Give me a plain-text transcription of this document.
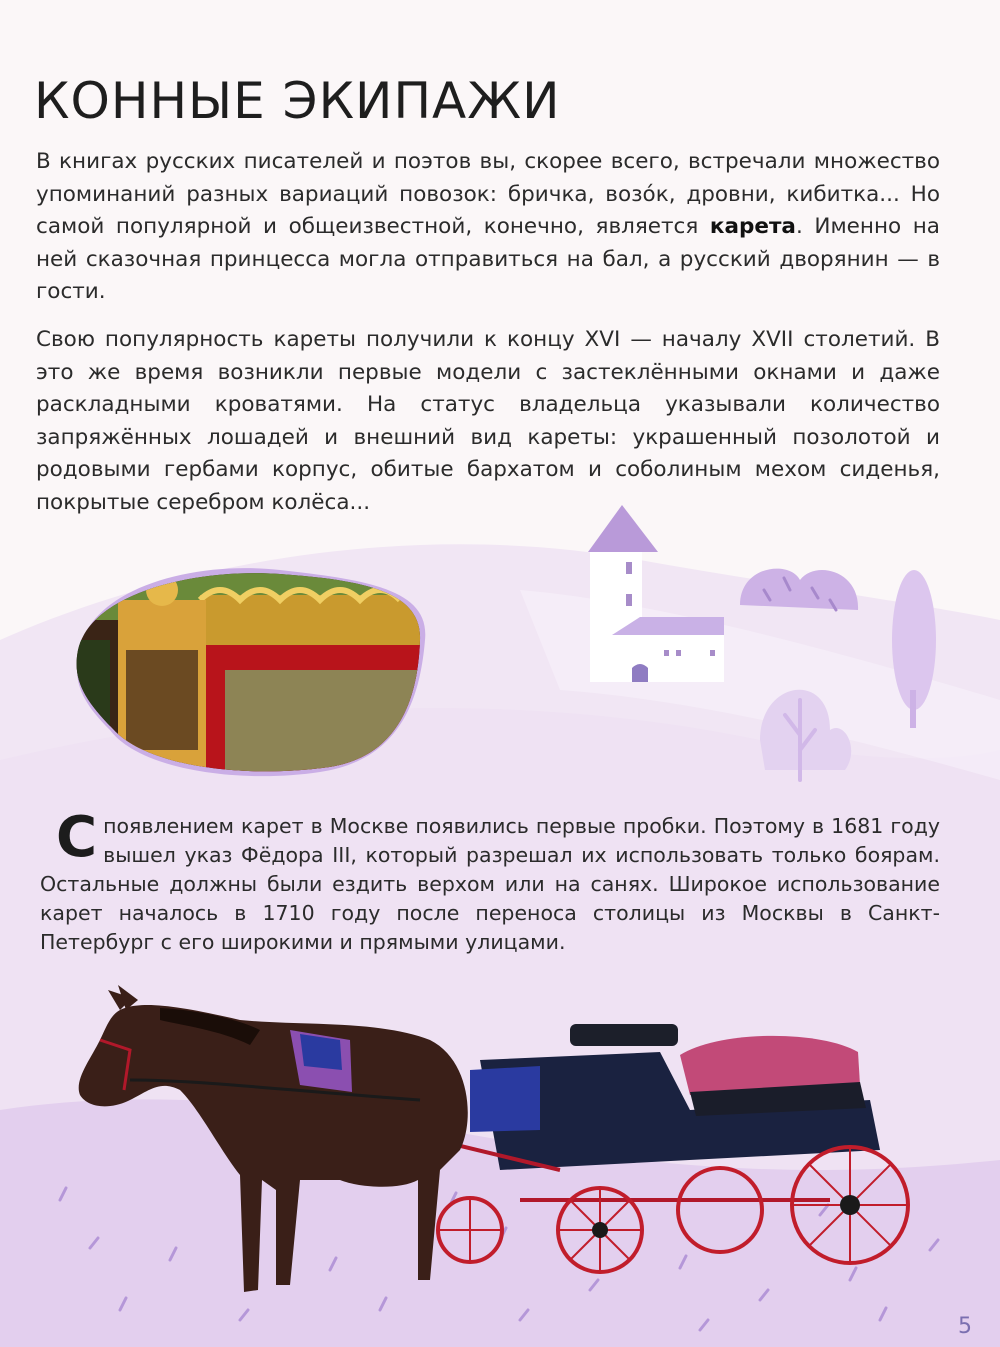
КОННЫЕ ЭКИПАЖИ

В книгах русских писателей и поэтов вы, скорее всего, встречали множество упоминаний разных вариаций повозок: бричка, возóк, дровни, кибитка... Но самой популярной и общеизвестной, конечно, является карета. Именно на ней сказочная принцесса могла отправиться на бал, а русский дворянин — в гости.

Свою популярность кареты получили к концу XVI — началу XVII столетий. В это же время возникли первые модели с застеклёнными окнами и даже раскладными кроватями. На статус владельца указывали количество запряжённых лошадей и внешний вид кареты: украшенный позолотой и родовыми гербами корпус, обитые бархатом и соболиным мехом сиденья, покрытые серебром колёса...

С появлением карет в Москве появились первые пробки. Поэтому в 1681 году вышел указ Фёдора III, который разрешал их использовать только боярам. Остальные должны были ездить верхом или на санях. Широкое использование карет началось в 1710 году после переноса столицы из Москвы в Санкт-Петербург с его широкими и прямыми улицами.

5
